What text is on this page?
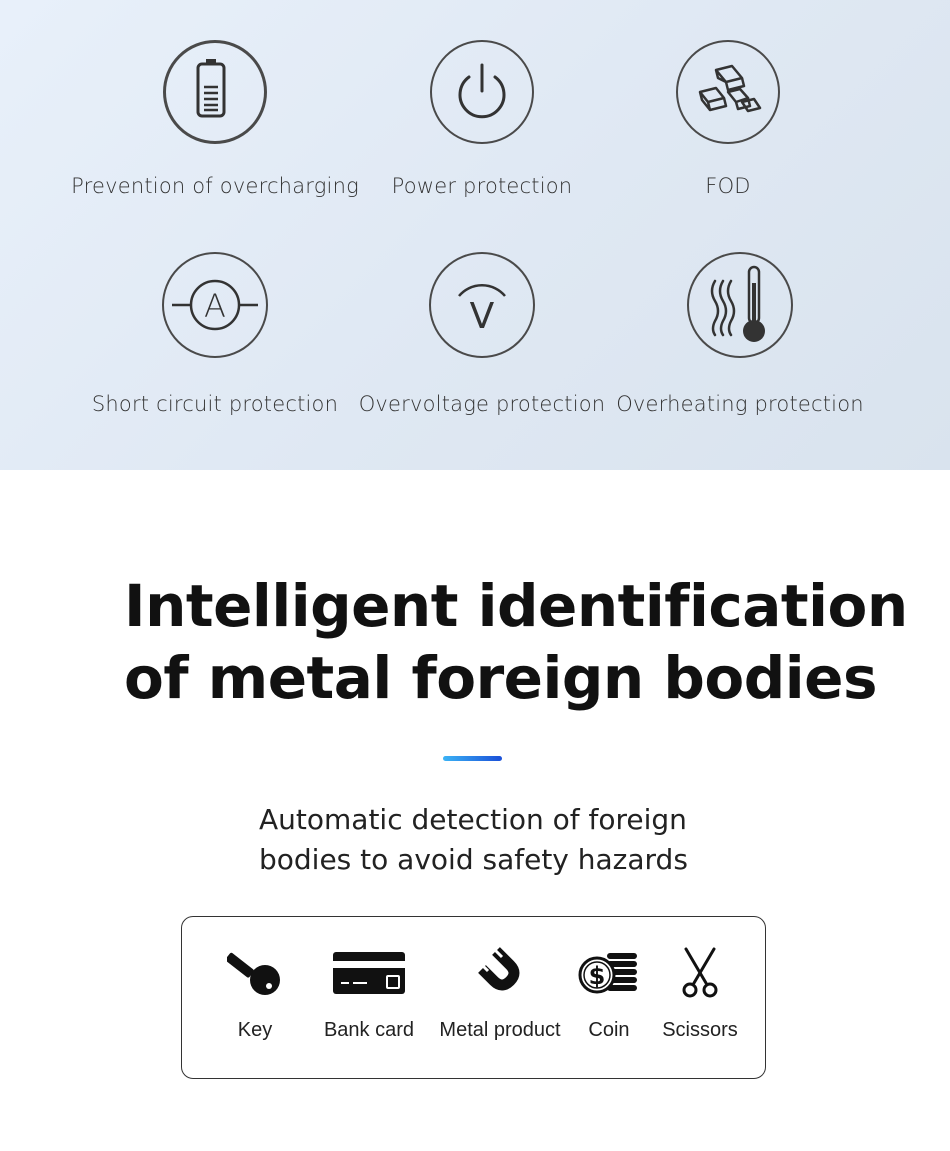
Prevention of overcharging	Power protection	FOD
A
Short circuit protection
V
Overvoltage protection Overheating protection
Intelligent identification
of metal foreign bodies
Automatic detection of foreign
bodies to avoid safety hazards
Key	Bank card	Metal product
$
Coin	Scissors
